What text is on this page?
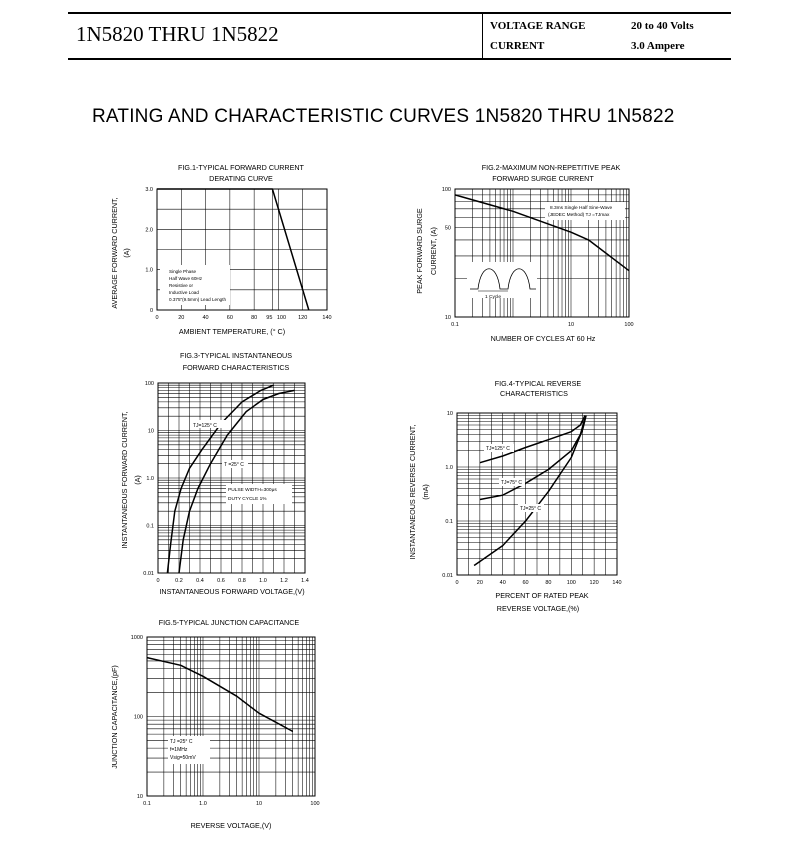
1N5820 THRU 1N5822	VOLTAGE RANGE	20 to 40 Volts
CURRENT	3.0 Ampere
RATING AND CHARACTERISTIC CURVES 1N5820 THRU 1N5822
0	20	40	60	80 95 100 120	140
0
1.0
2.0
3.0
FIG.1-TYPICAL FORWARD CURRENT
DERATING CURVE
AMBIENT TEMPERATURE, (° C)
AVERAGE FORWARD CURRENT, (A)
Single Phase
Half Wave 60Hz
Resistive or
Inductive Load
0.375"(9.5mm) Lead Length
0.1	10	100
10
50
100
FIG.2-MAXIMUM NON-REPETITIVE PEAK
FORWARD SURGE CURRENT
NUMBER OF CYCLES AT 60 Hz
PEAK FORWARD SURGE CURRENT, (A)
8.3ms Single Half Sine-Wave
(JEDEC Method) TJ =TJmax
1 Cycle
0	0.2 0.4 0.6 0.8 1.0 1.2 1.4
0.01
0.1
1.0
10
100
FIG.3-TYPICAL INSTANTANEOUS
FORWARD CHARACTERISTICS
INSTANTANEOUS FORWARD VOLTAGE,(V)
INSTANTANEOUS FORWARD CURRENT, (A)
TJ=125° C
T =25° C
PULSE WIDTH=300μs
DUTY CYCLE 1%
0	20	40	60	80	100 120 140
0.01
0.1
1.0
10
FIG.4-TYPICAL REVERSE
CHARACTERISTICS
PERCENT OF RATED PEAK
REVERSE VOLTAGE,(%)
INSTANTANEOUS REVERSE CURRENT, (mA)
TJ=125° C
TJ=75° C
TJ=25° C
0.1	1.0	10	100
10
100
1000
FIG.5-TYPICAL JUNCTION CAPACITANCE
REVERSE VOLTAGE,(V)
JUNCTION CAPACITANCE,(pF)	TJ =25° C
f=1MHz
Vsig=50mV
